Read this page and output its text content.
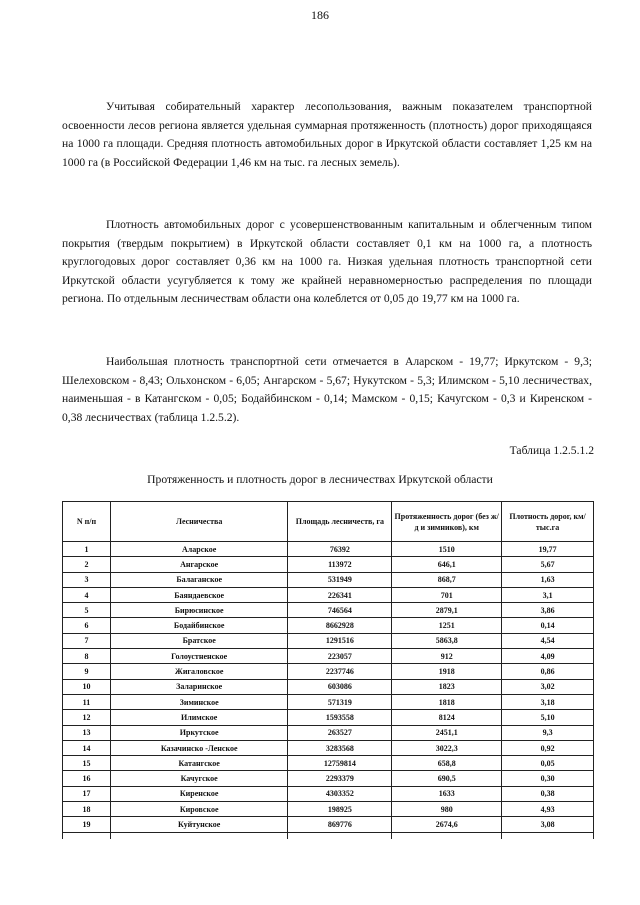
186

Учитывая собирательный характер лесопользования, важным показателем транспортной освоенности лесов региона является удельная суммарная протяженность (плотность) дорог приходящаяся на 1000 га площади. Средняя плотность автомобильных дорог в Иркутской области составляет 1,25 км на 1000 га (в Российской Федерации 1,46 км на тыс. га лесных земель).

Плотность автомобильных дорог с усовершенствованным капитальным и облегченным типом покрытия (твердым покрытием) в Иркутской области составляет 0,1 км на 1000 га, а плотность круглогодовых дорог составляет 0,36 км на 1000 га. Низкая удельная плотность транспортной сети Иркутской области усугубляется к тому же крайней неравномерностью распределения по площади региона. По отдельным лесничествам области она колеблется от 0,05 до 19,77 км на 1000 га.

Наибольшая плотность транспортной сети отмечается в Аларском - 19,77; Иркутском - 9,3; Шелеховском - 8,43; Ольхонском - 6,05; Ангарском - 5,67; Нукутском - 5,3; Илимском - 5,10 лесничествах, наименьшая - в Катангском - 0,05; Бодайбинском - 0,14; Мамском - 0,15; Качугском - 0,3 и Киренском - 0,38 лесничествах (таблица 1.2.5.2).

Таблица 1.2.5.1.2
Протяженность и плотность дорог в лесничествах Иркутской области
N п/п	Лесничества	Площадь лесничеств, га	Протяженность дорог (без ж/д и зимников), км	Плотность дорог, км/тыс.га
1	Аларское	76392	1510	19,77
2	Ангарское	113972	646,1	5,67
3	Балаганское	531949	868,7	1,63
4	Баяндаевское	226341	701	3,1
5	Бирюсинское	746564	2879,1	3,86
6	Бодайбинское	8662928	1251	0,14
7	Братское	1291516	5863,8	4,54
8	Голоустненское	223057	912	4,09
9	Жигаловское	2237746	1918	0,86
10	Заларинское	603086	1823	3,02
11	Зиминское	571319	1818	3,18
12	Илимское	1593558	8124	5,10
13	Иркутское	263527	2451,1	9,3
14	Казачинско -Ленское	3283568	3022,3	0,92
15	Катангское	12759814	658,8	0,05
16	Качугское	2293379	690,5	0,30
17	Киренское	4303352	1633	0,38
18	Кировское	198925	980	4,93
19	Куйтунское	869776	2674,6	3,08
